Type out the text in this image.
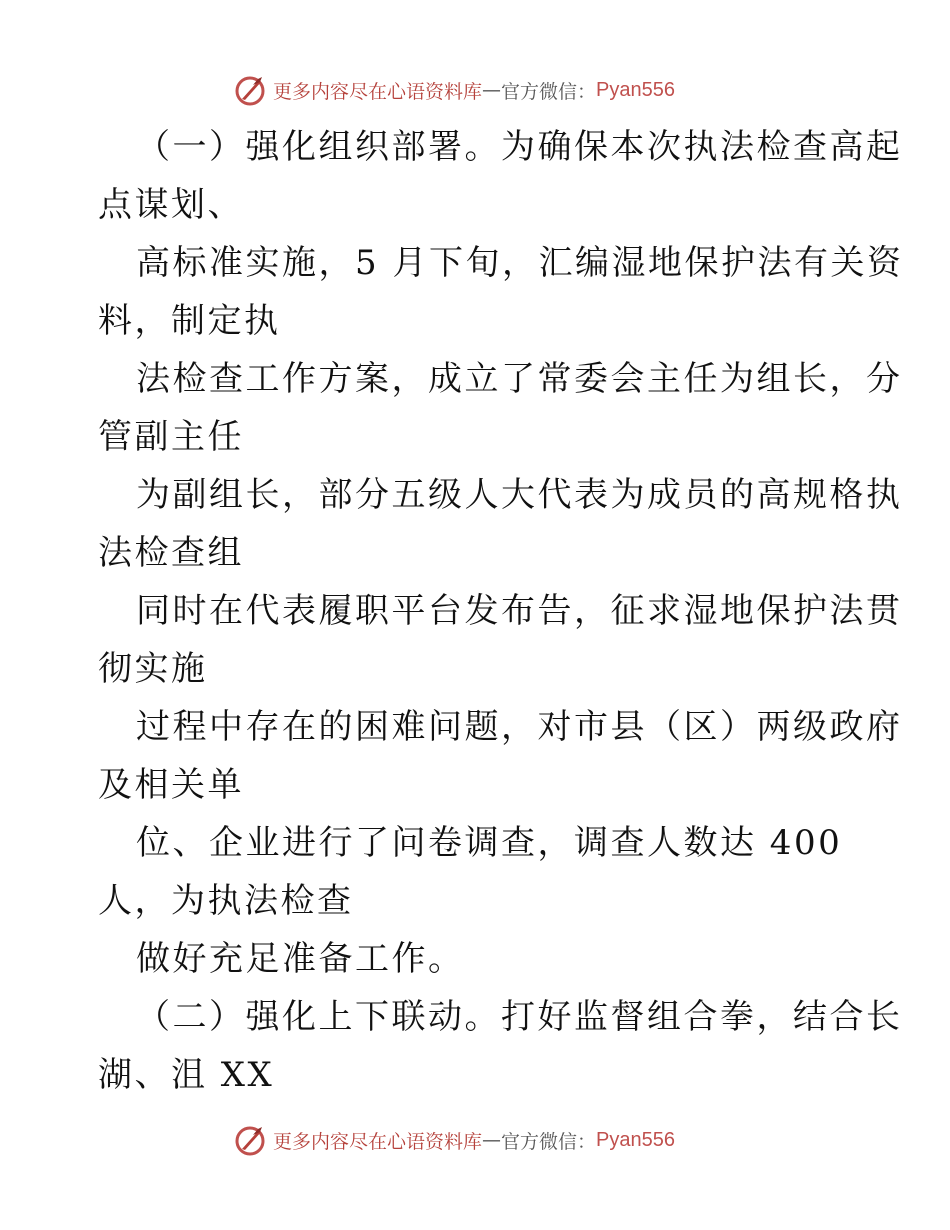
更多内容尽在心语资料库 — 官方微信： Pyan556
（一）强化组织部署。为确保本次执法检查高起
点谋划、
高标准实施，5 月下旬，汇编湿地保护法有关资
料，制定执
法检查工作方案，成立了常委会主任为组长，分
管副主任
为副组长，部分五级人大代表为成员的高规格执
法检查组
同时在代表履职平台发布告，征求湿地保护法贯
彻实施
过程中存在的困难问题，对市县（区）两级政府
及相关单
位、企业进行了问卷调查，调查人数达 400
人，为执法检查
做好充足准备工作。
（二）强化上下联动。打好监督组合拳，结合长
湖、沮 XX
更多内容尽在心语资料库 — 官方微信： Pyan556
